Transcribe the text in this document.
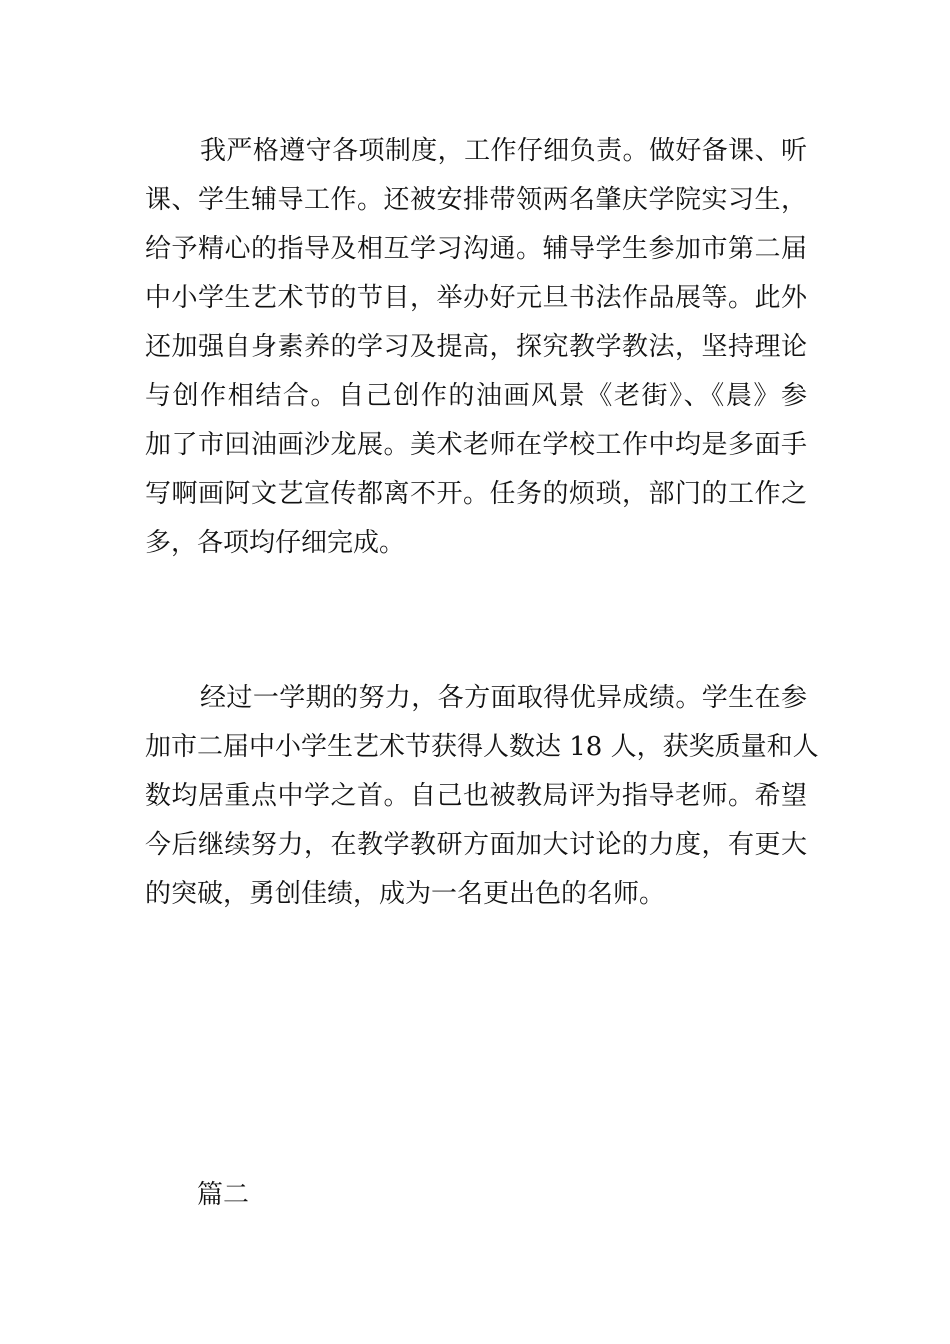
我严格遵守各项制度，工作仔细负责。做好备课、听
课、学生辅导工作。还被安排带领两名肇庆学院实习生，
给予精心的指导及相互学习沟通。辅导学生参加市第二届
中小学生艺术节的节目，举办好元旦书法作品展等。此外
还加强自身素养的学习及提高，探究教学教法，坚持理论
与创作相结合。自己创作的油画风景《老街》、《晨》参
加了市回油画沙龙展。美术老师在学校工作中均是多面手
写啊画阿文艺宣传都离不开。任务的烦琐，部门的工作之
多，各项均仔细完成。
经过一学期的努力，各方面取得优异成绩。学生在参
加市二届中小学生艺术节获得人数达 18 人，获奖质量和人
数均居重点中学之首。自己也被教局评为指导老师。希望
今后继续努力，在教学教研方面加大讨论的力度，有更大
的突破，勇创佳绩，成为一名更出色的名师。
篇二
